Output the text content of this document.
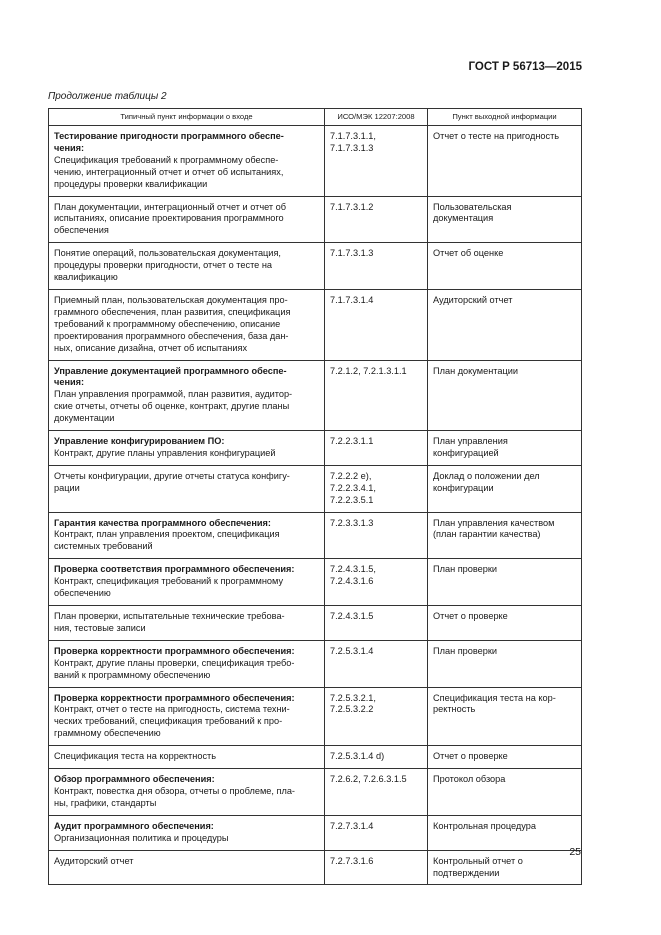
ГОСТ Р 56713—2015
Продолжение таблицы 2
Типичный пункт информации о входе	ИСО/МЭК 12207:2008	Пункт выходной информации

Тестирование пригодности программного обеспе-
чения:
Спецификация требований к программному обеспе-
чению, интеграционный отчет и отчет об испытаниях,
процедуры проверки квалификации	7.1.7.3.1.1,
7.1.7.3.1.3	Отчет о тесте на пригодность

План документации, интеграционный отчет и отчет об
испытаниях, описание проектирования программного
обеспечения	7.1.7.3.1.2	Пользовательская
документация

Понятие операций, пользовательская документация,
процедуры проверки пригодности, отчет о тесте на
квалификацию	7.1.7.3.1.3	Отчет об оценке

Приемный план, пользовательская документация про-
граммного обеспечения, план развития, спецификация
требований к программному обеспечению, описание
проектирования программного обеспечения, база дан-
ных, описание дизайна, отчет об испытаниях	7.1.7.3.1.4	Аудиторский отчет

Управление документацией программного обеспе-
чения:
План управления программой, план развития, аудитор-
ские отчеты, отчеты об оценке, контракт, другие планы
документации	7.2.1.2, 7.2.1.3.1.1	План документации

Управление конфигурированием ПО:
Контракт, другие планы управления конфигурацией	7.2.2.3.1.1	План управления
конфигурацией

Отчеты конфигурации, другие отчеты статуса конфигу-
рации	7.2.2.2 e),
7.2.2.3.4.1,
7.2.2.3.5.1	Доклад о положении дел
конфигурации

Гарантия качества программного обеспечения:
Контракт, план управления проектом, спецификация
системных требований	7.2.3.3.1.3	План управления качеством
(план гарантии качества)

Проверка соответствия программного обеспечения:
Контракт, спецификация требований к программному
обеспечению	7.2.4.3.1.5,
7.2.4.3.1.6	План проверки

План проверки, испытательные технические требова-
ния, тестовые записи	7.2.4.3.1.5	Отчет о проверке

Проверка корректности программного обеспечения:
Контракт, другие планы проверки, спецификация требо-
ваний к программному обеспечению	7.2.5.3.1.4	План проверки

Проверка корректности программного обеспечения:
Контракт, отчет о тесте на пригодность, система техни-
ческих требований, спецификация требований к про-
граммному обеспечению	7.2.5.3.2.1,
7.2.5.3.2.2	Спецификация теста на кор-
ректность

Спецификация теста на корректность	7.2.5.3.1.4 d)	Отчет о проверке

Обзор программного обеспечения:
Контракт, повестка дня обзора, отчеты о проблеме, пла-
ны, графики, стандарты	7.2.6.2, 7.2.6.3.1.5	Протокол обзора

Аудит программного обеспечения:
Организационная политика и процедуры	7.2.7.3.1.4	Контрольная процедура

Аудиторский отчет	7.2.7.3.1.6	Контрольный отчет о
подтверждении
25
